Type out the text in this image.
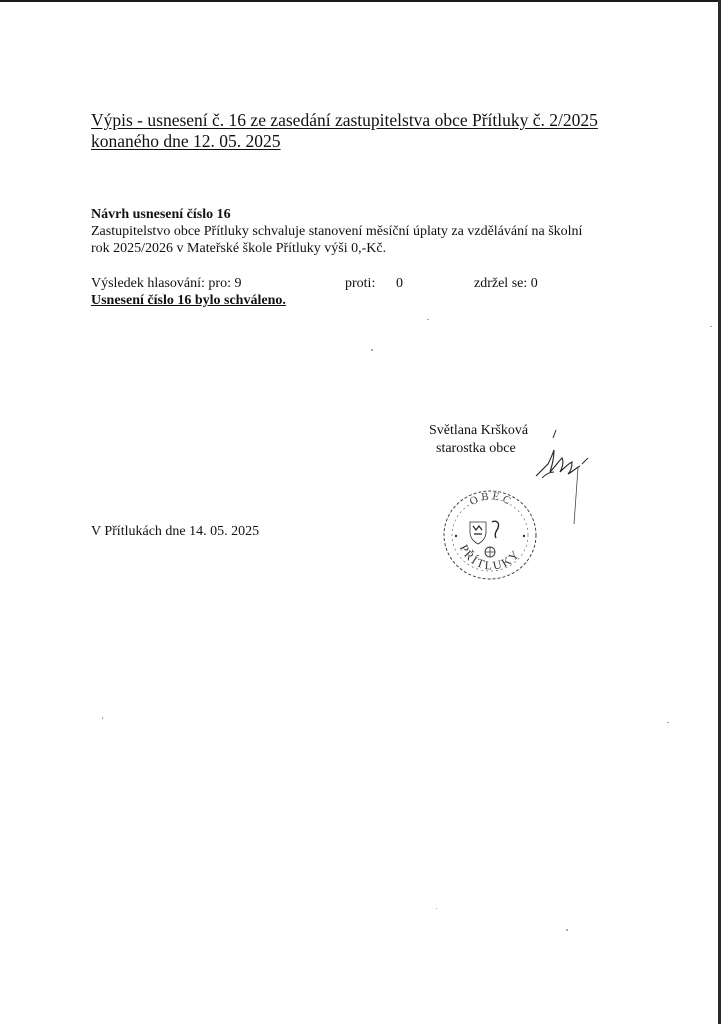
Výpis - usnesení č. 16 ze zasedání zastupitelstva obce Přítluky č. 2/2025
konaného dne 12. 05. 2025
Návrh usnesení číslo 16
Zastupitelstvo obce Přítluky schvaluje stanovení měsíční úplaty za vzdělávání na školní
rok 2025/2026 v Mateřské škole Přítluky výši 0,-Kč.
Výsledek hlasování: pro: 9	proti: 0	zdržel se: 0
Usnesení číslo 16 bylo schváleno.
Světlana Kršková
starostka obce
OBEC
PŘÍTLUKY
V Přítlukách dne 14. 05. 2025
